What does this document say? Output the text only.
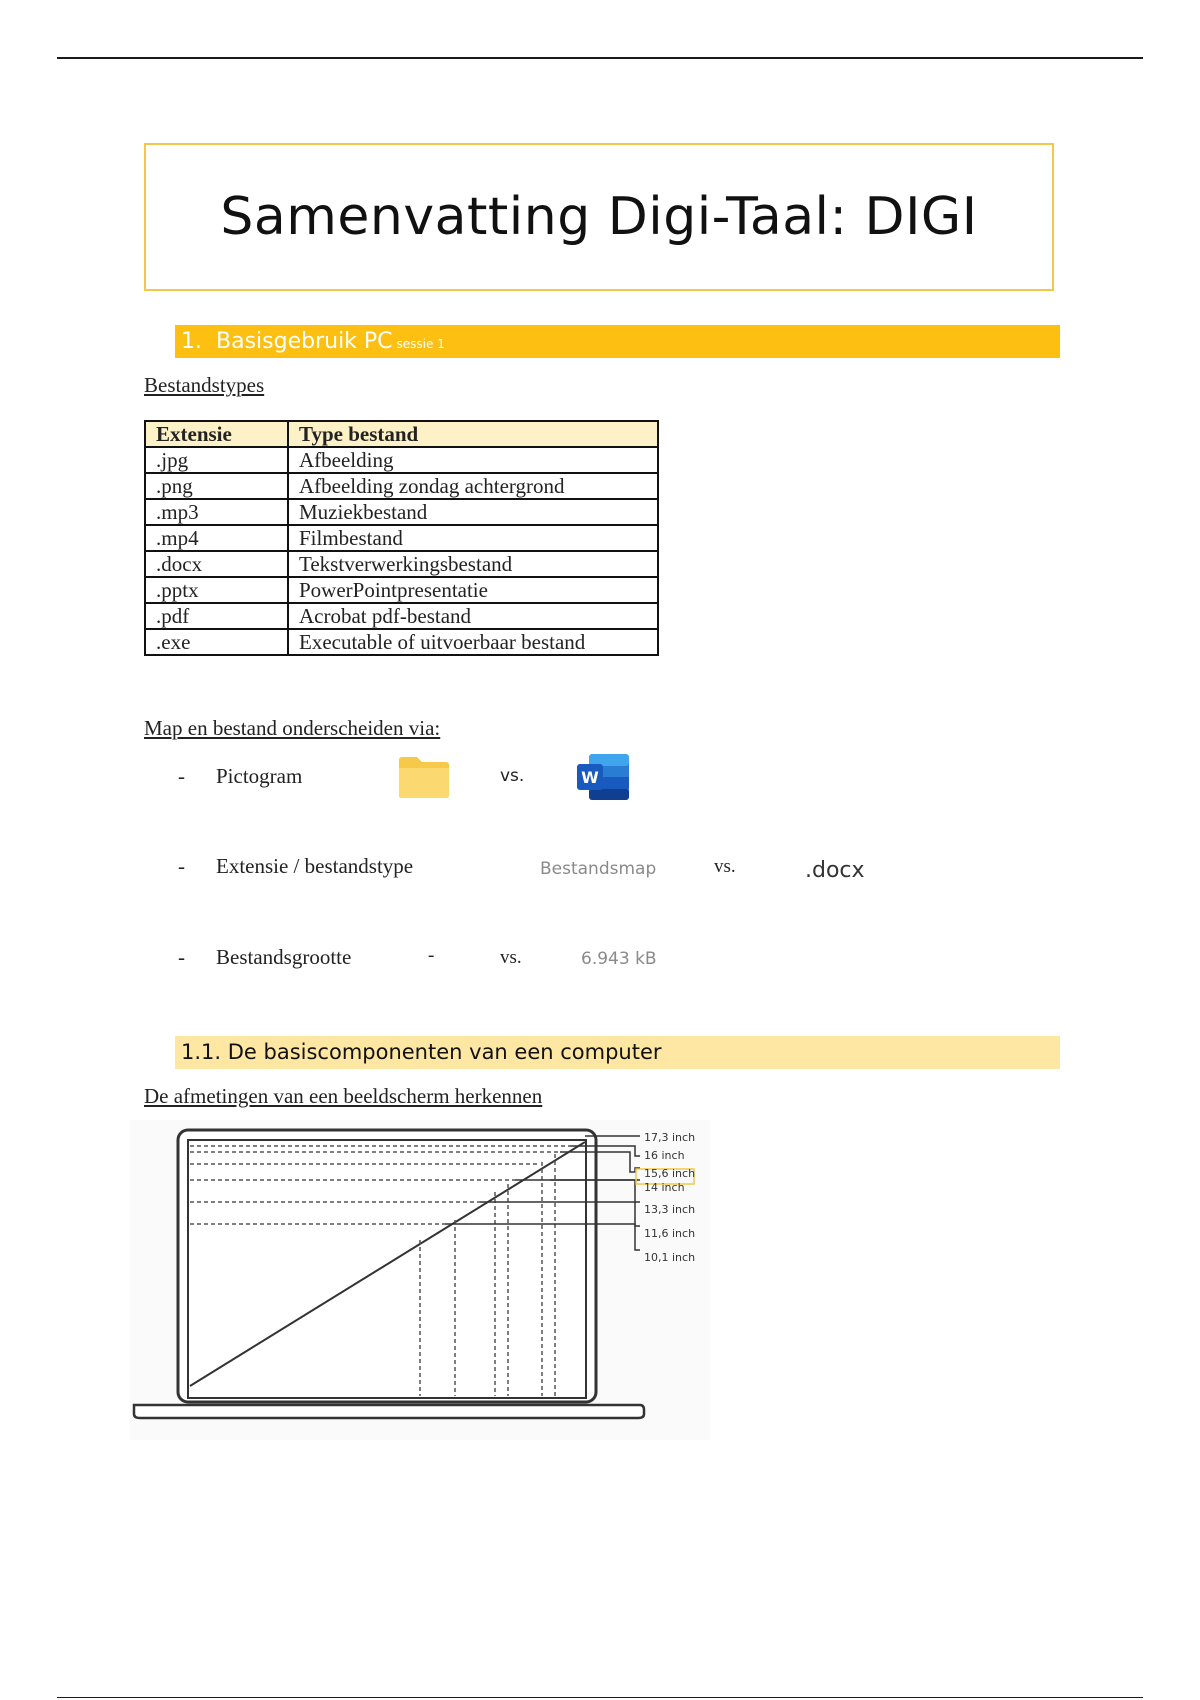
Samenvatting Digi-Taal: DIGI
1. Basisgebruik PC sessie 1
Bestandstypes
Extensie	Type bestand
.jpg	Afbeelding
.png	Afbeelding zondag achtergrond
.mp3	Muziekbestand
.mp4	Filmbestand
.docx	Tekstverwerkingsbestand
.pptx	PowerPointpresentatie
.pdf	Acrobat pdf-bestand
.exe	Executable of uitvoerbaar bestand
Map en bestand onderscheiden via:
- Pictogram	vs.	W
- Extensie / bestandstype	Bestandsmap	vs.	.docx
- Bestandsgrootte	-	vs.	6.943 kB
1.1. De basiscomponenten van een computer
De afmetingen van een beeldscherm herkennen
17,3 inch
16 inch
15,6 inch
14 inch
13,3 inch
11,6 inch
10,1 inch
